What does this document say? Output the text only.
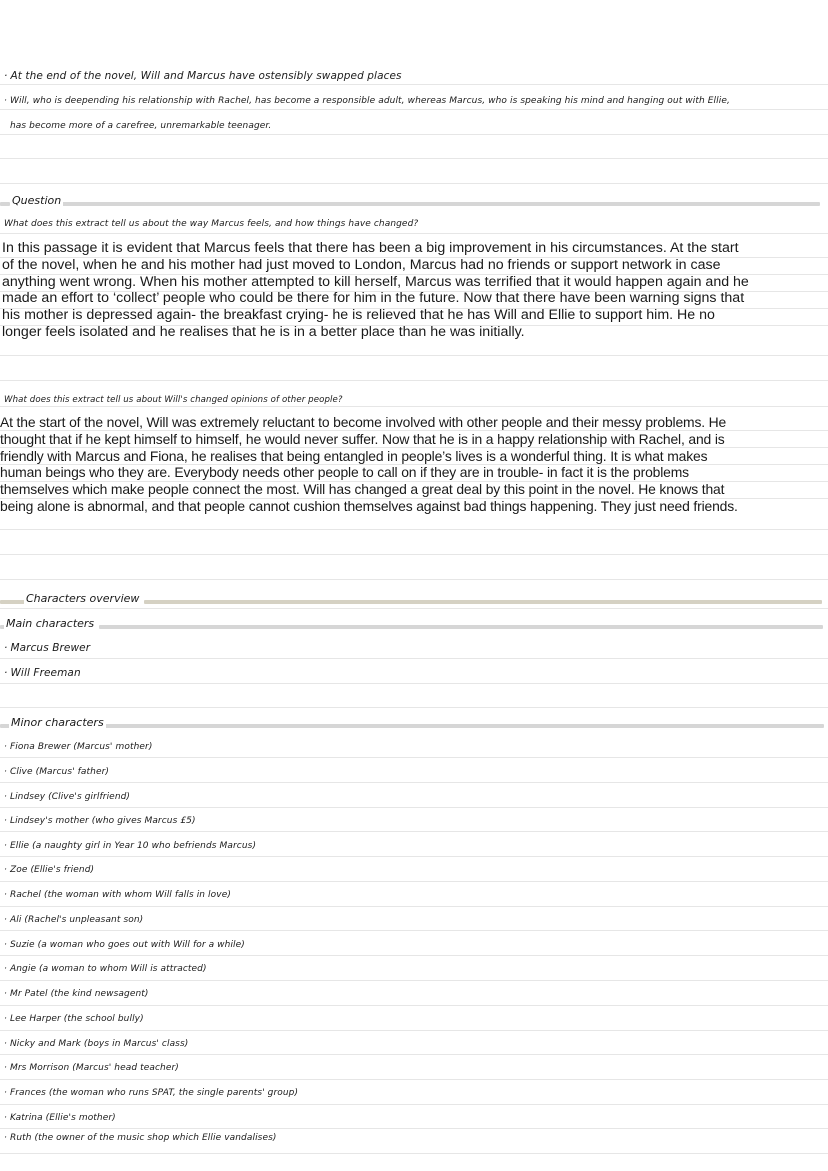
· At the end of the novel, Will and Marcus have ostensibly swapped places
· Will, who is deepending his relationship with Rachel, has become a responsible adult, whereas Marcus, who is speaking his mind and hanging out with Ellie,
has become more of a carefree, unremarkable teenager.
Question
What does this extract tell us about the way Marcus feels, and how things have changed?

In this passage it is evident that Marcus feels that there has been a big improvement in his circumstances. At the start

of the novel, when he and his mother had just moved to London, Marcus had no friends or support network in case

anything went wrong. When his mother attempted to kill herself, Marcus was terrified that it would happen again and he

made an effort to ‘collect’ people who could be there for him in the future. Now that there have been warning signs that

his mother is depressed again- the breakfast crying- he is relieved that he has Will and Ellie to support him. He no

longer feels isolated and he realises that he is in a better place than he was initially.

What does this extract tell us about Will's changed opinions of other people?

At the start of the novel, Will was extremely reluctant to become involved with other people and their messy problems. He

thought that if he kept himself to himself, he would never suffer. Now that he is in a happy relationship with Rachel, and is

friendly with Marcus and Fiona, he realises that being entangled in people’s lives is a wonderful thing. It is what makes

human beings who they are. Everybody needs other people to call on if they are in trouble- in fact it is the problems

themselves which make people connect the most. Will has changed a great deal by this point in the novel. He knows that

being alone is abnormal, and that people cannot cushion themselves against bad things happening. They just need friends.

Characters overview
Main characters
· Marcus Brewer
· Will Freeman
Minor characters
· Fiona Brewer (Marcus' mother)
· Clive (Marcus' father)
· Lindsey (Clive's girlfriend)
· Lindsey's mother (who gives Marcus £5)
· Ellie (a naughty girl in Year 10 who befriends Marcus)
· Zoe (Ellie's friend)
· Rachel (the woman with whom Will falls in love)
· Ali (Rachel's unpleasant son)
· Suzie (a woman who goes out with Will for a while)
· Angie (a woman to whom Will is attracted)
· Mr Patel (the kind newsagent)
· Lee Harper (the school bully)
· Nicky and Mark (boys in Marcus' class)
· Mrs Morrison (Marcus' head teacher)
· Frances (the woman who runs SPAT, the single parents' group)
· Katrina (Ellie's mother)
· Ruth (the owner of the music shop which Ellie vandalises)
